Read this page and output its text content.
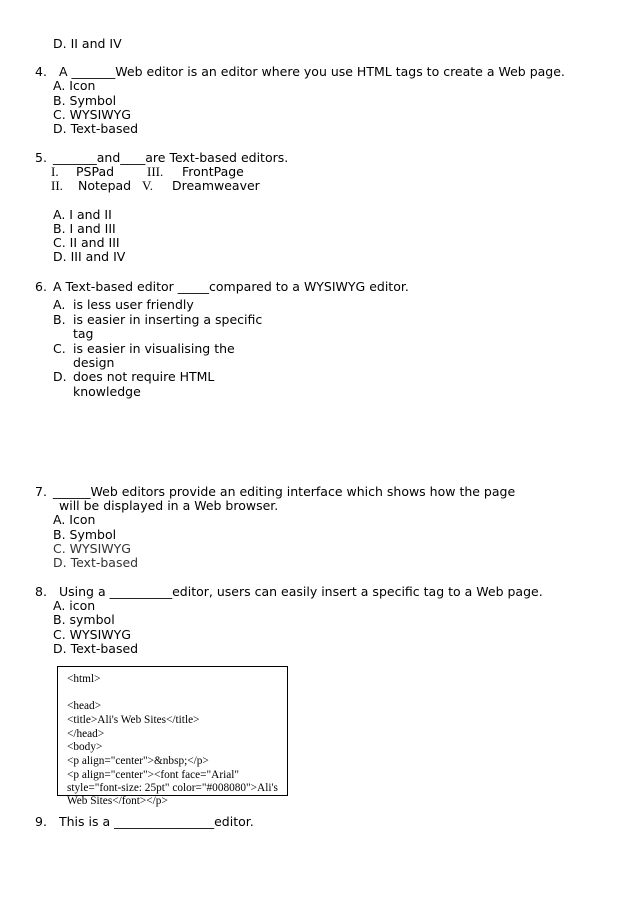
D. II and IV
4. A _______Web editor is an editor where you use HTML tags to create a Web page.
A. Icon
B. Symbol
C. WYSIWYG
D. Text-based
5. _______and____are Text-based editors.
I. PSPad	III. FrontPage
II. Notepad V. Dreamweaver
A. I and II
B. I and III
C. II and III
D. III and IV
6. A Text-based editor _____compared to a WYSIWYG editor.
A. is less user friendly
B. is easier in inserting a specific
tag
C. is easier in visualising the
design
D. does not require HTML
knowledge
7. ______Web editors provide an editing interface which shows how the page
will be displayed in a Web browser.
A. Icon
B. Symbol
C. WYSIWYG
D. Text-based
8. Using a __________editor, users can easily insert a specific tag to a Web page.
A. icon
B. symbol
C. WYSIWYG
D. Text-based
<html>
<head>
<title>Ali's Web Sites</title>
</head>
<body>
<p align="center">&nbsp;</p>
<p align="center"><font face="Arial"
style="font-size: 25pt" color="#008080">Ali's
Web Sites</font></p>
9. This is a ________________editor.
